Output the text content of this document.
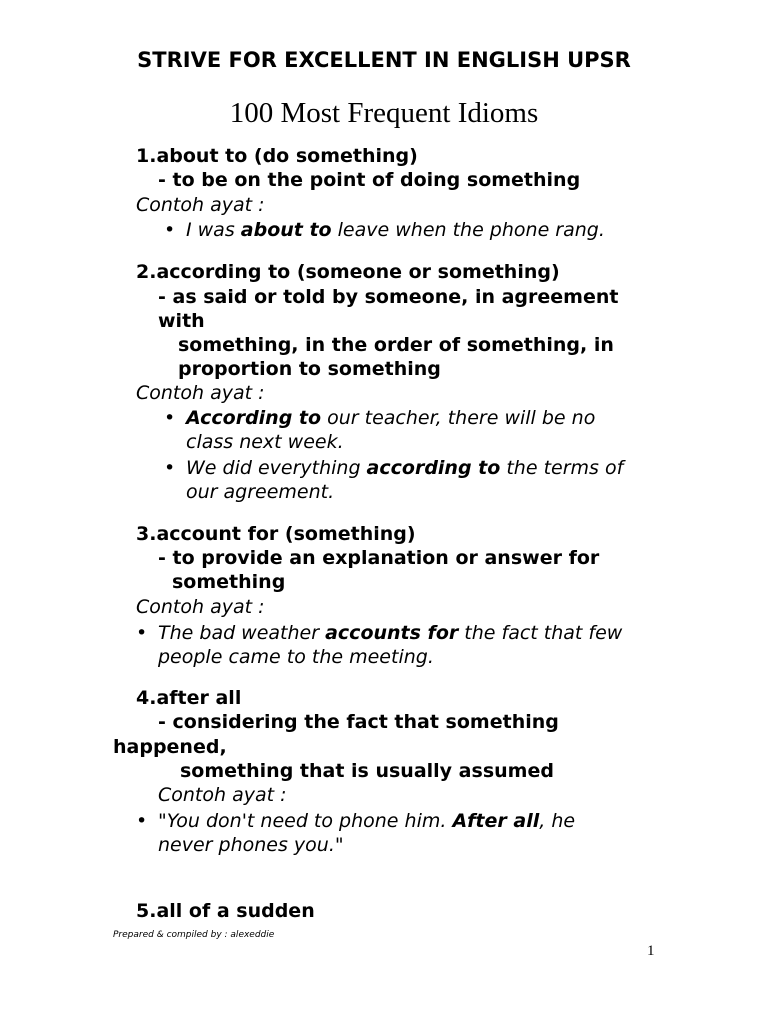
STRIVE FOR EXCELLENT IN ENGLISH UPSR
100 Most Frequent Idioms
1.about to (do something)
- to be on the point of doing something
Contoh ayat :
• I was about to leave when the phone rang.
2.according to (someone or something)
- as said or told by someone, in agreement
with
something, in the order of something, in
proportion to something
Contoh ayat :
• According to our teacher, there will be no
class next week.
• We did everything according to the terms of
our agreement.
3.account for (something)
- to provide an explanation or answer for
something
Contoh ayat :
• The bad weather accounts for the fact that few
people came to the meeting.
4.after all
- considering the fact that something
happened,
something that is usually assumed
Contoh ayat :
• "You don't need to phone him. After all, he
never phones you."
5.all of a sudden
Prepared & compiled by : alexeddie
1
